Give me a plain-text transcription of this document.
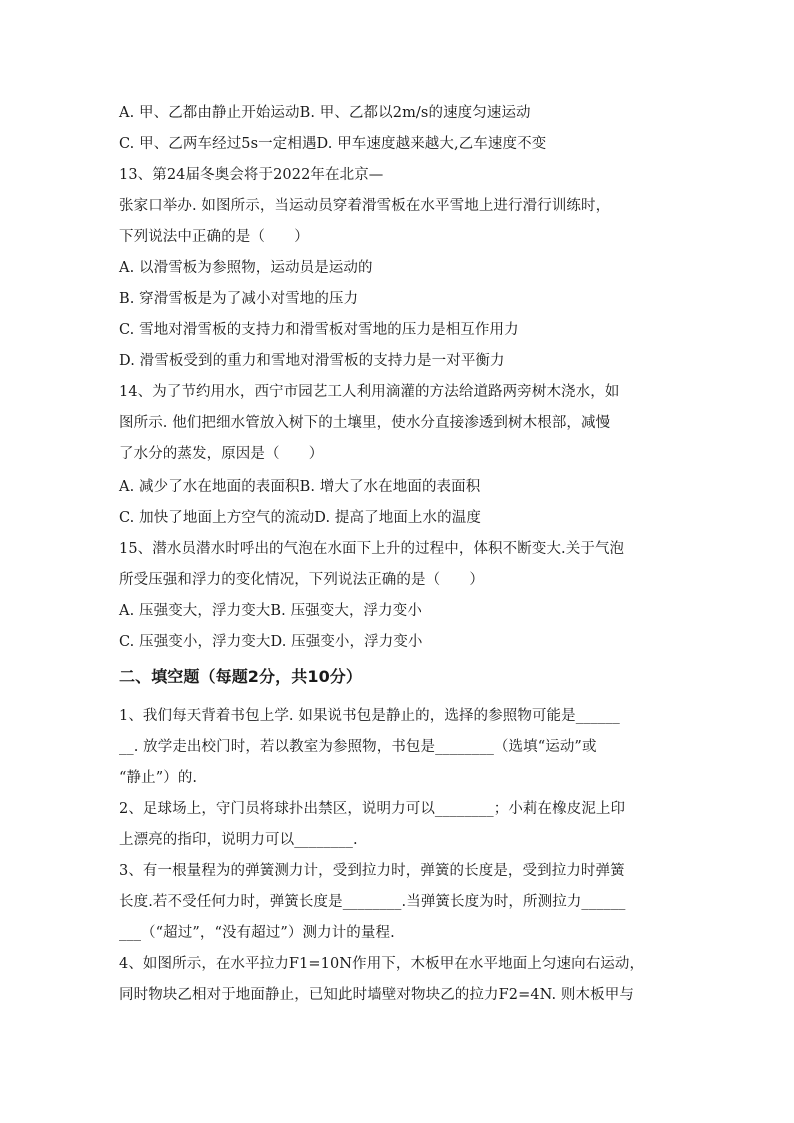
A. 甲、乙都由静止开始运动B. 甲、乙都以2m/s的速度匀速运动
C. 甲、乙两车经过5s一定相遇D. 甲车速度越来越大,乙车速度不变
13、第24届冬奥会将于2022年在北京—
张家口举办. 如图所示，当运动员穿着滑雪板在水平雪地上进行滑行训练时，
下列说法中正确的是（　　）
A. 以滑雪板为参照物，运动员是运动的
B. 穿滑雪板是为了减小对雪地的压力
C. 雪地对滑雪板的支持力和滑雪板对雪地的压力是相互作用力
D. 滑雪板受到的重力和雪地对滑雪板的支持力是一对平衡力
14、为了节约用水，西宁市园艺工人利用滴灌的方法给道路两旁树木浇水，如
图所示. 他们把细水管放入树下的土壤里，使水分直接渗透到树木根部，减慢
了水分的蒸发，原因是（　　）
A. 减少了水在地面的表面积B. 增大了水在地面的表面积
C. 加快了地面上方空气的流动D. 提高了地面上水的温度
15、潜水员潜水时呼出的气泡在水面下上升的过程中，体积不断变大.关于气泡
所受压强和浮力的变化情况，下列说法正确的是（　　）
A. 压强变大，浮力变大B. 压强变大，浮力变小
C. 压强变小，浮力变大D. 压强变小，浮力变小
二、填空题（每题2分，共10分）
1、我们每天背着书包上学. 如果说书包是静止的，选择的参照物可能是______
__. 放学走出校门时，若以教室为参照物，书包是________（选填“运动”或
“静止”）的.
2、足球场上，守门员将球扑出禁区，说明力可以________；小莉在橡皮泥上印
上漂亮的指印，说明力可以________.
3、有一根量程为的弹簧测力计，受到拉力时，弹簧的长度是，受到拉力时弹簧
长度.若不受任何力时，弹簧长度是________.当弹簧长度为时，所测拉力______
___（“超过”，“没有超过”）测力计的量程.
4、如图所示，在水平拉力F1=10N作用下，木板甲在水平地面上匀速向右运动，
同时物块乙相对于地面静止，已知此时墙壁对物块乙的拉力F2=4N. 则木板甲与
